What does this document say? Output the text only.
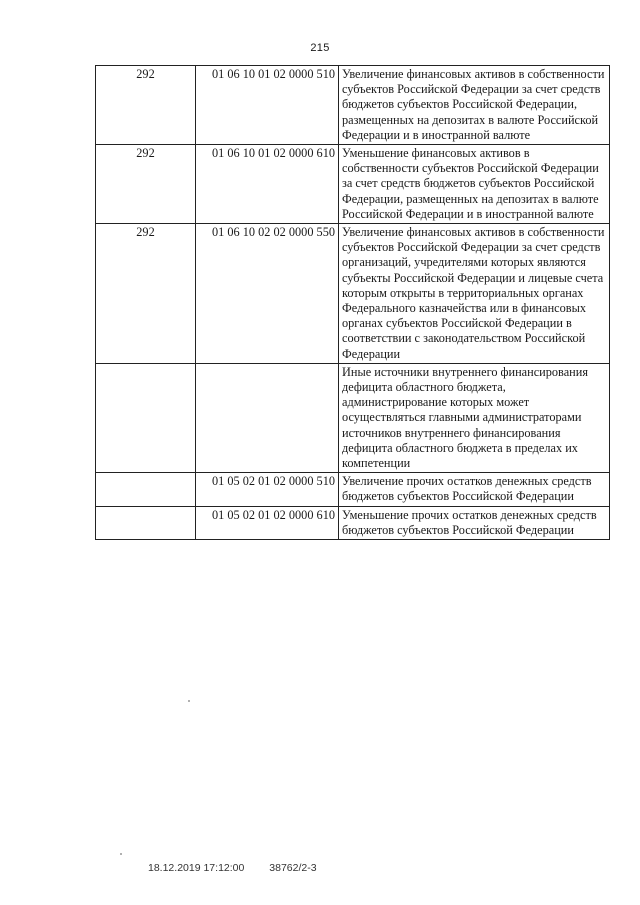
215
292	01 06 10 01 02 0000 510	Увеличение финансовых активов в собственности субъектов Российской Федерации за счет средств бюджетов субъектов Российской Федерации, размещенных на депозитах в валюте Российской Федерации и в иностранной валюте
292	01 06 10 01 02 0000 610	Уменьшение финансовых активов в собственности субъектов Российской Федерации за счет средств бюджетов субъектов Российской Федерации, размещенных на депозитах в валюте Российской Федерации и в иностранной валюте
292	01 06 10 02 02 0000 550	Увеличение финансовых активов в собственности субъектов Российской Федерации за счет средств организаций, учредителями которых являются субъекты Российской Федерации и лицевые счета которым открыты в территориальных органах Федерального казначейства или в финансовых органах субъектов Российской Федерации в соответствии с законодательством Российской Федерации
		Иные источники внутреннего финансирования дефицита областного бюджета, администрирование которых может осуществляться главными администраторами источников внутреннего финансирования дефицита областного бюджета в пределах их компетенции
	01 05 02 01 02 0000 510	Увеличение прочих остатков денежных средств бюджетов субъектов Российской Федерации
	01 05 02 01 02 0000 610	Уменьшение прочих остатков денежных средств бюджетов субъектов Российской Федерации
18.12.2019 17:12:00 38762/2-3
